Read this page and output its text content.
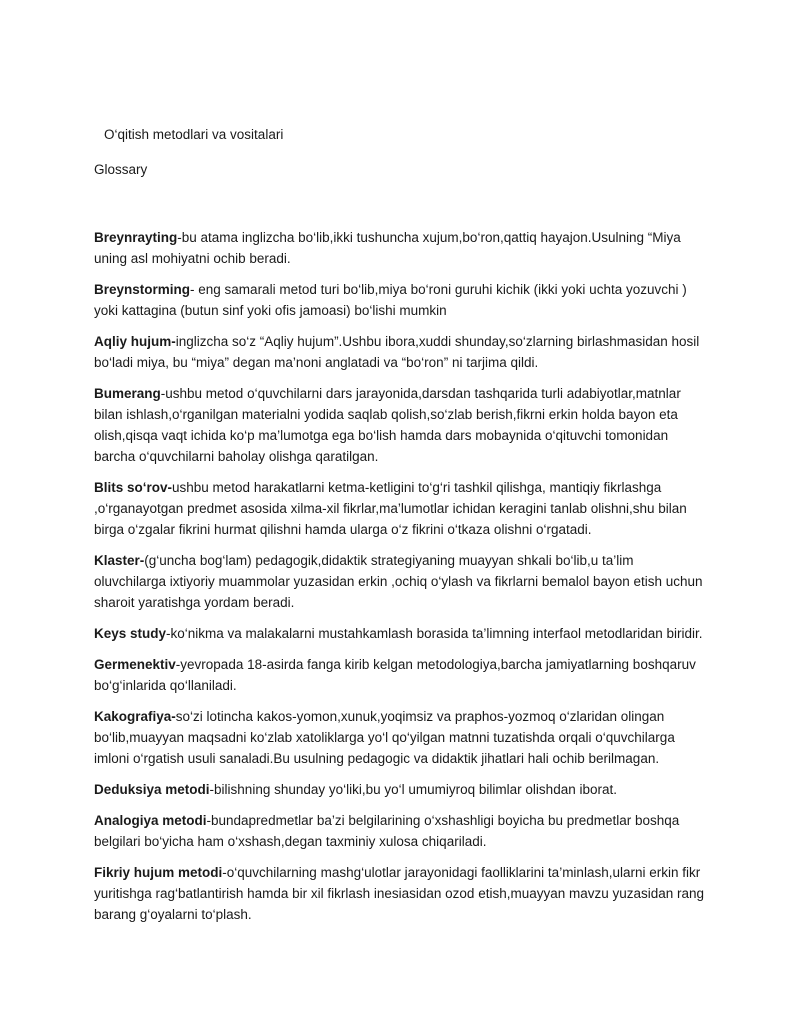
O‘qitish metodlari va vositalari
Glossary

Breynrayting-bu atama inglizcha bo‘lib,ikki tushuncha xujum,bo‘ron,qattiq hayajon.Usulning “Miya uning asl mohiyatni ochib beradi.

Breynstorming- eng samarali metod turi bo‘lib,miya bo‘roni guruhi kichik (ikki yoki uchta yozuvchi ) yoki kattagina (butun sinf yoki ofis jamoasi) bo‘lishi mumkin

Aqliy hujum-inglizcha so‘z “Aqliy hujum”.Ushbu ibora,xuddi shunday,so‘zlarning birlashmasidan hosil bo‘ladi miya, bu “miya” degan ma’noni anglatadi va “bo‘ron” ni tarjima qildi.

Bumerang-ushbu metod o‘quvchilarni dars jarayonida,darsdan tashqarida turli adabiyotlar,matnlar bilan ishlash,o‘rganilgan materialni yodida saqlab qolish,so‘zlab berish,fikrni erkin holda bayon eta olish,qisqa vaqt ichida ko‘p ma’lumotga ega bo‘lish hamda dars mobaynida o‘qituvchi tomonidan barcha o‘quvchilarni baholay olishga qaratilgan.

Blits so‘rov-ushbu metod harakatlarni ketma-ketligini to‘g‘ri tashkil qilishga, mantiqiy fikrlashga ,o‘rganayotgan predmet asosida xilma-xil fikrlar,ma’lumotlar ichidan keragini tanlab olishni,shu bilan birga o‘zgalar fikrini hurmat qilishni hamda ularga o‘z fikrini o‘tkaza olishni o‘rgatadi.

Klaster-(g‘uncha bog‘lam) pedagogik,didaktik strategiyaning muayyan shkali bo‘lib,u ta’lim oluvchilarga ixtiyoriy muammolar yuzasidan erkin ,ochiq o‘ylash va fikrlarni bemalol bayon etish uchun sharoit yaratishga yordam beradi.

Keys study-ko‘nikma va malakalarni mustahkamlash borasida ta’limning interfaol metodlaridan biridir.

Germenektiv-yevropada 18-asirda fanga kirib kelgan metodologiya,barcha jamiyatlarning boshqaruv bo‘g‘inlarida qo‘llaniladi.

Kakografiya-so‘zi lotincha kakos-yomon,xunuk,yoqimsiz va praphos-yozmoq o‘zlaridan olingan bo‘lib,muayyan maqsadni ko‘zlab xatoliklarga yo‘l qo‘yilgan matnni tuzatishda orqali o‘quvchilarga imloni o‘rgatish usuli sanaladi.Bu usulning pedagogic va didaktik jihatlari hali ochib berilmagan.

Deduksiya metodi-bilishning shunday yo‘liki,bu yo‘l umumiyroq bilimlar olishdan iborat.

Analogiya metodi-bundapredmetlar ba’zi belgilarining o‘xshashligi boyicha bu predmetlar boshqa belgilari bo‘yicha ham o‘xshash,degan taxminiy xulosa chiqariladi.

Fikriy hujum metodi-o‘quvchilarning mashg‘ulotlar jarayonidagi faolliklarini ta’minlash,ularni erkin fikr yuritishga rag‘batlantirish hamda bir xil fikrlash inesiasidan ozod etish,muayyan mavzu yuzasidan rang barang g‘oyalarni to‘plash.
